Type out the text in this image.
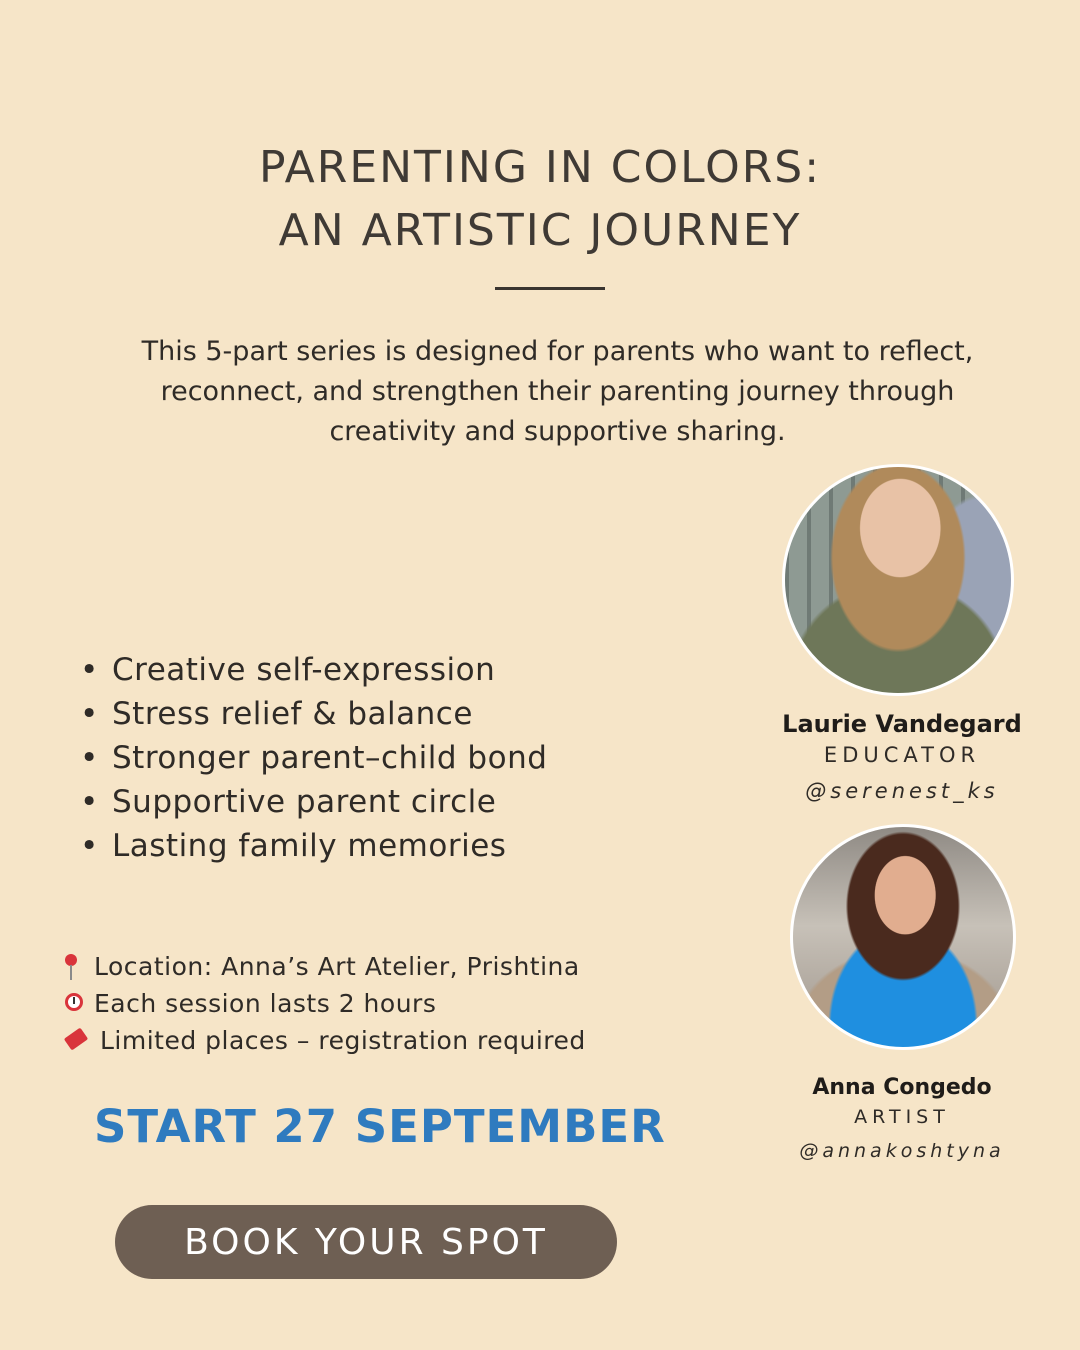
PARENTING IN COLORS:
AN ARTISTIC JOURNEY

This 5-part series is designed for parents who want to reflect, reconnect, and strengthen their parenting journey through creativity and supportive sharing.

• Creative self-expression
• Stress relief & balance
• Stronger parent–child bond
• Supportive parent circle
• Lasting family memories
Location: Anna’s Art Atelier, Prishtina
Each session lasts 2 hours
Limited places – registration required
START 27 SEPTEMBER
BOOK YOUR SPOT
Laurie Vandegard
EDUCATOR
@serenest_ks
Anna Congedo
ARTIST
@annakoshtyna
